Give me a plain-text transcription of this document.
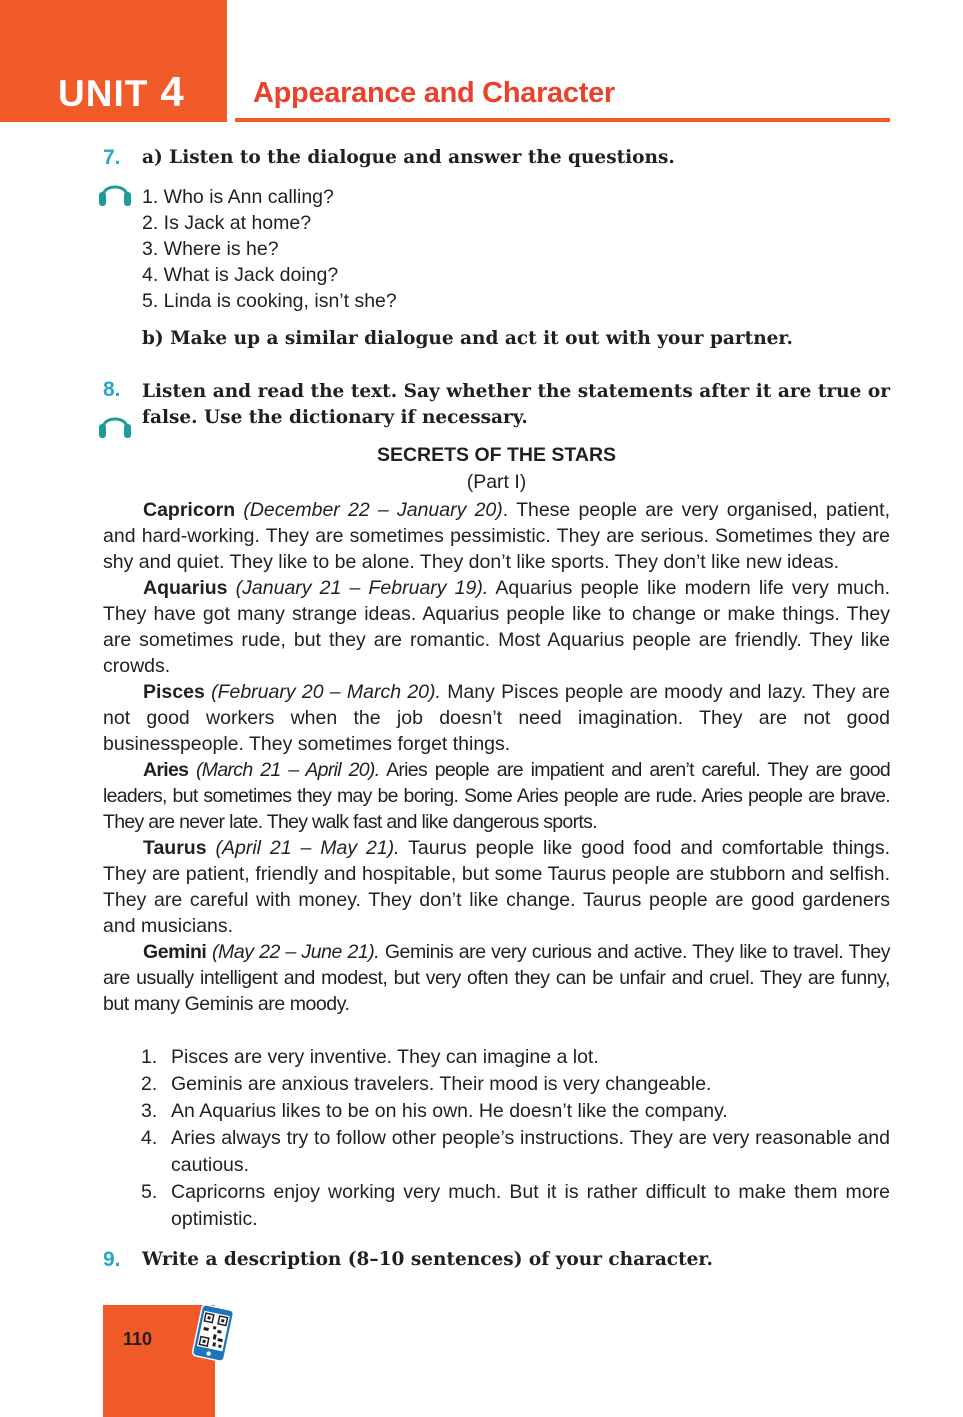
UNIT 4 Appearance and Character
7. a) Listen to the dialogue and answer the questions.
1. Who is Ann calling?
2. Is Jack at home?
3. Where is he?
4. What is Jack doing?
5. Linda is cooking, isn’t she?
b) Make up a similar dialogue and act it out with your partner.
8. Listen and read the text. Say whether the statements after it are true or false. Use the dictionary if necessary.
SECRETS OF THE STARS
(Part I)

Capricorn (December 22 – January 20). These people are very organised, patient, and hard-working. They are sometimes pessimistic. They are serious. Sometimes they are shy and quiet. They like to be alone. They don’t like sports. They don’t like new ideas.

Aquarius (January 21 – February 19). Aquarius people like modern life very much. They have got many strange ideas. Aquarius people like to change or make things. They are sometimes rude, but they are romantic. Most Aquarius people are friendly. They like crowds.

Pisces (February 20 – March 20). Many Pisces people are moody and lazy. They are not good workers when the job doesn’t need imagination. They are not good businesspeople. They sometimes forget things.

Aries (March 21 – April 20). Aries people are impatient and aren’t careful. They are good leaders, but sometimes they may be boring. Some Aries people are rude. Aries people are brave. They are never late. They walk fast and like dangerous sports.

Taurus (April 21 – May 21). Taurus people like good food and comfortable things. They are patient, friendly and hospitable, but some Taurus people are stubborn and selfish. They are careful with money. They don’t like change. Taurus people are good gardeners and musicians.

Gemini (May 22 – June 21). Geminis are very curious and active. They like to travel. They are usually intelligent and modest, but very often they can be unfair and cruel. They are funny, but many Geminis are moody.

1. Pisces are very inventive. They can imagine a lot.
2. Geminis are anxious travelers. Their mood is very changeable.
3. An Aquarius likes to be on his own. He doesn’t like the company.
4. Aries always try to follow other people’s instructions. They are very reasonable and cautious.
5. Capricorns enjoy working very much. But it is rather difficult to make them more optimistic.
9. Write a description (8–10 sentences) of your character.
110
